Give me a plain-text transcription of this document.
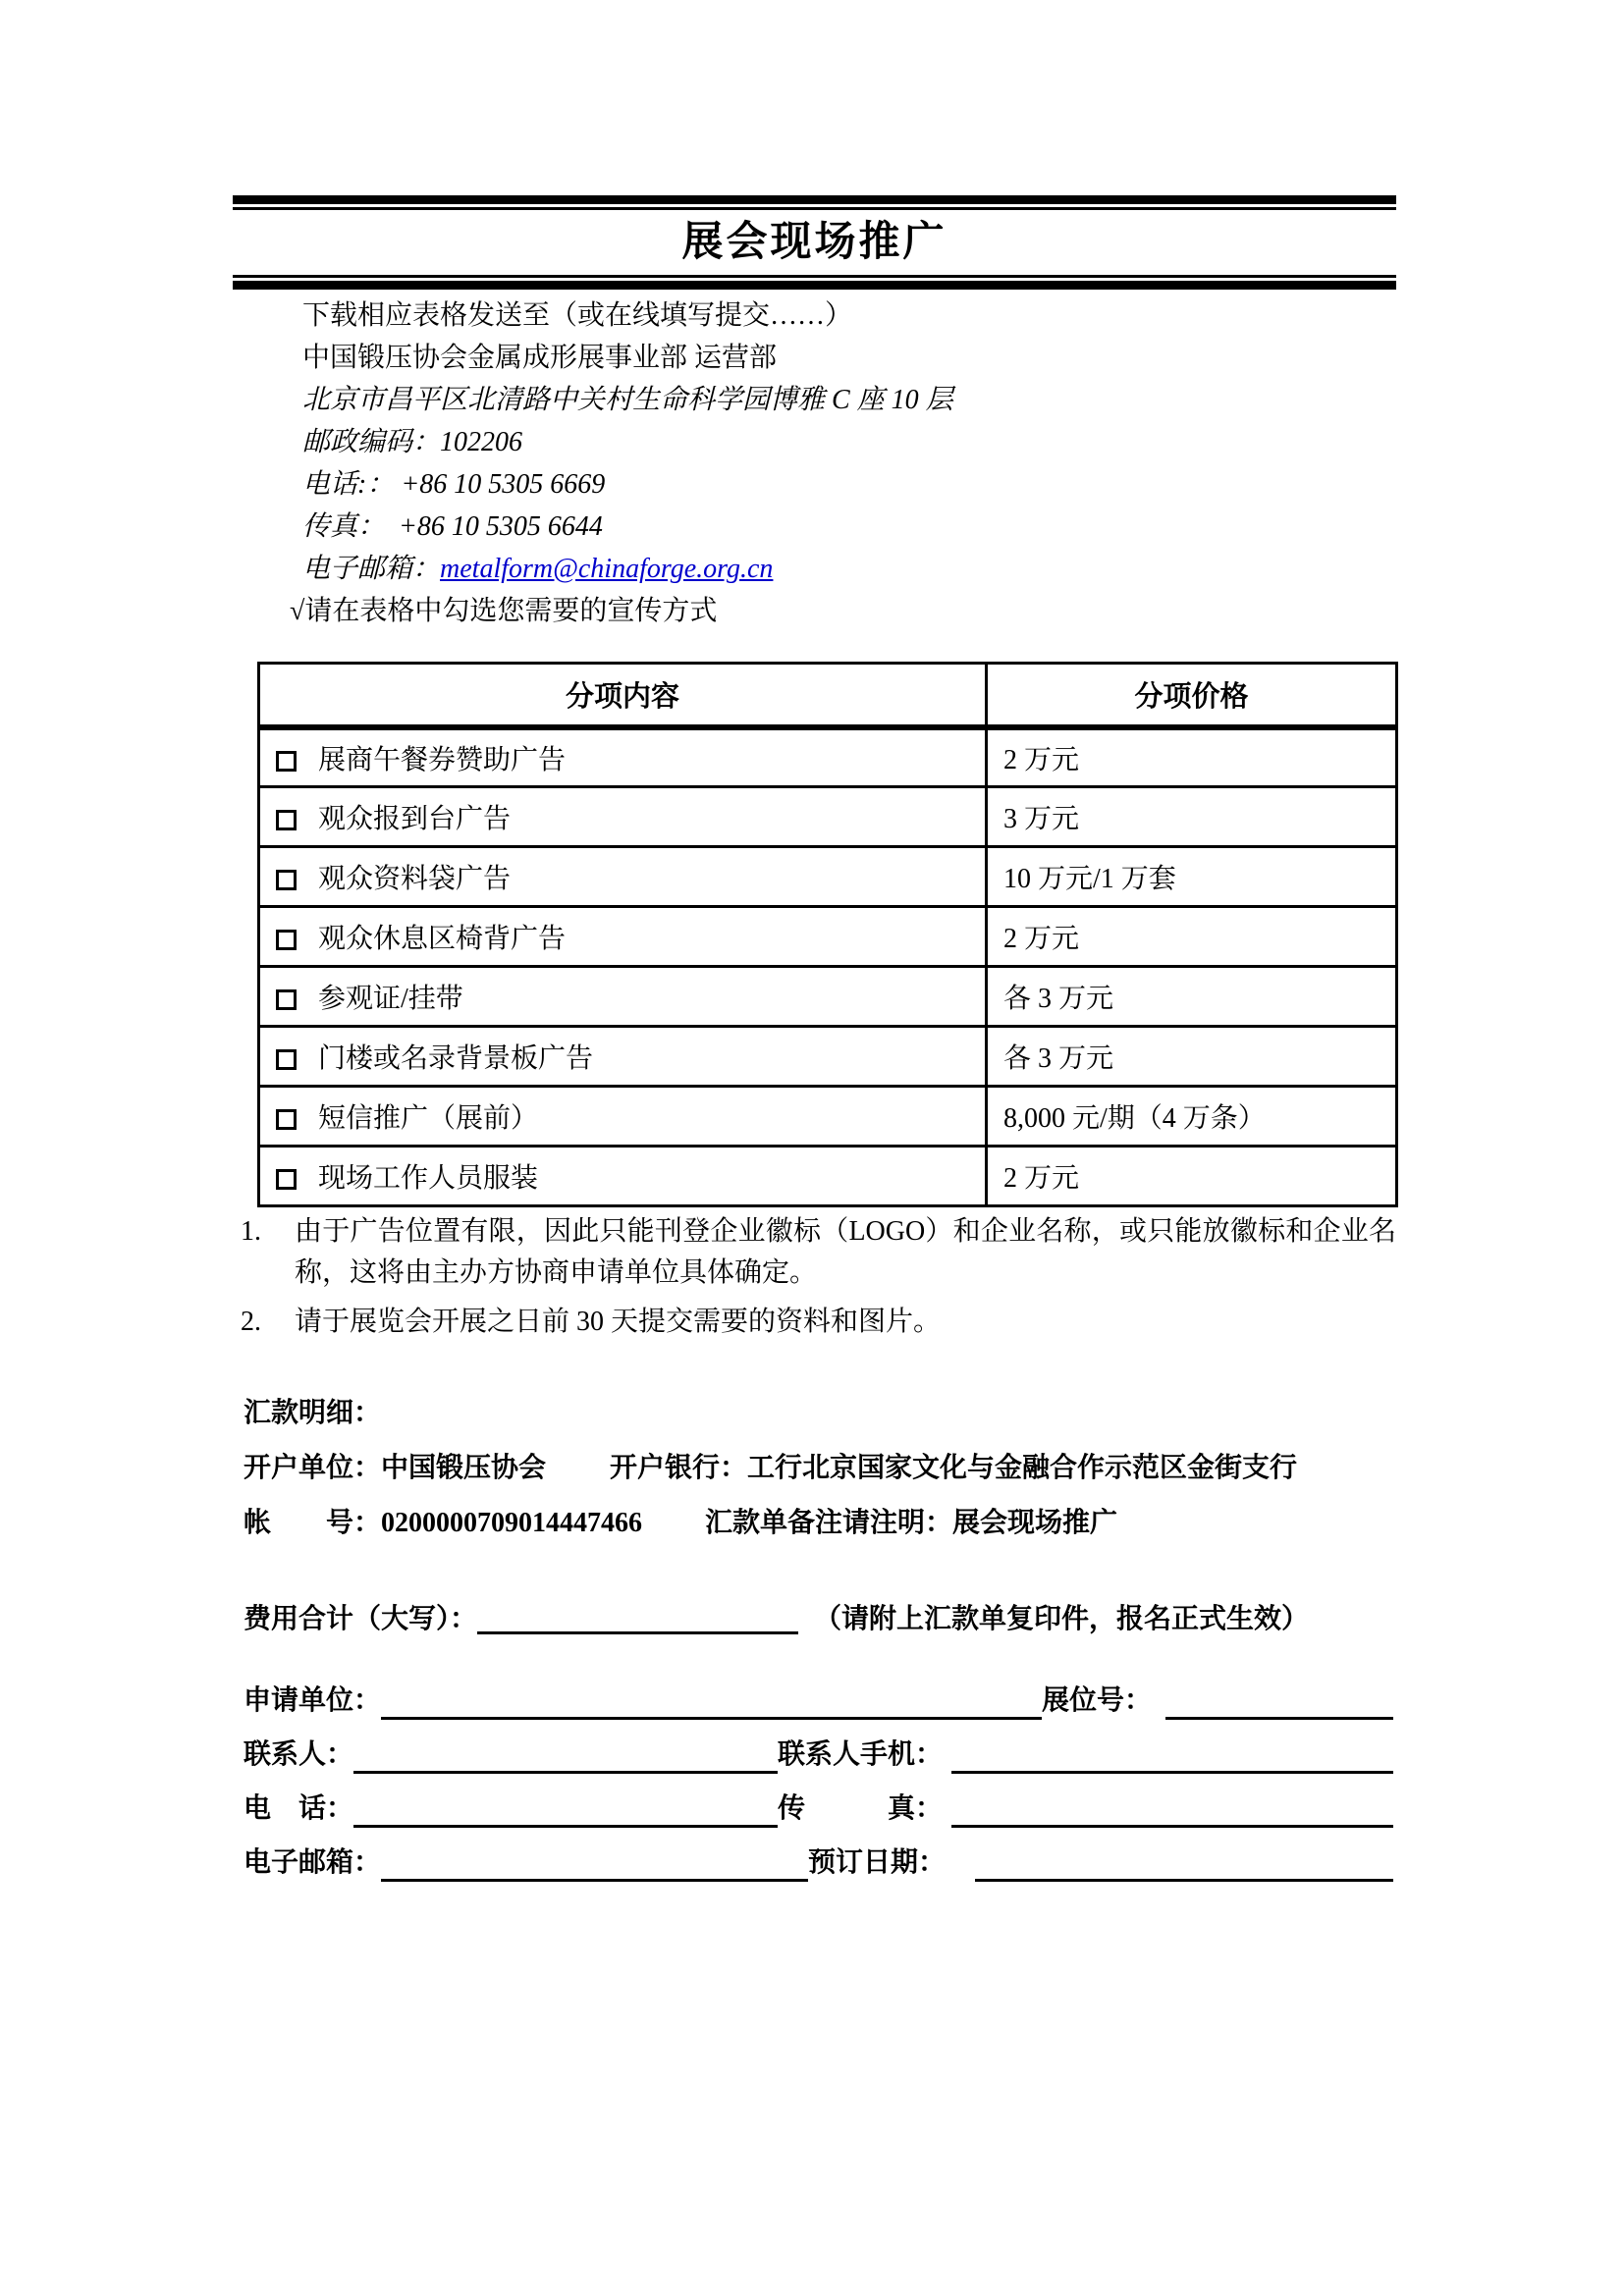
展会现场推广
下载相应表格发送至（或在线填写提交……）
中国锻压协会金属成形展事业部 运营部
北京市昌平区北清路中关村生命科学园博雅 C 座 10 层
邮政编码：102206
电话:： +86 10 5305 6669
传真：　+86 10 5305 6644
电子邮箱：metalform@chinaforge.org.cn
√请在表格中勾选您需要的宣传方式
分项内容	分项价格
展商午餐券赞助广告	2 万元
观众报到台广告	3 万元
观众资料袋广告	10 万元/1 万套
观众休息区椅背广告	2 万元
参观证/挂带	各 3 万元
门楼或名录背景板广告	各 3 万元
短信推广（展前）	8,000 元/期（4 万条）
现场工作人员服装	2 万元
1. 由于广告位置有限，因此只能刊登企业徽标（LOGO）和企业名称，或只能放徽标和企业名称，这将由主办方协商申请单位具体确定。
2. 请于展览会开展之日前 30 天提交需要的资料和图片。
汇款明细：
开户单位：中国锻压协会 开户银行：工行北京国家文化与金融合作示范区金街支行
帐　　号：0200000709014447466 汇款单备注请注明：展会现场推广
费用合计（大写）：	（请附上汇款单复印件，报名正式生效）
申请单位：	展位号：
联系人：	联系人手机：
电　话：	传　　　真：
电子邮箱：	预订日期：
